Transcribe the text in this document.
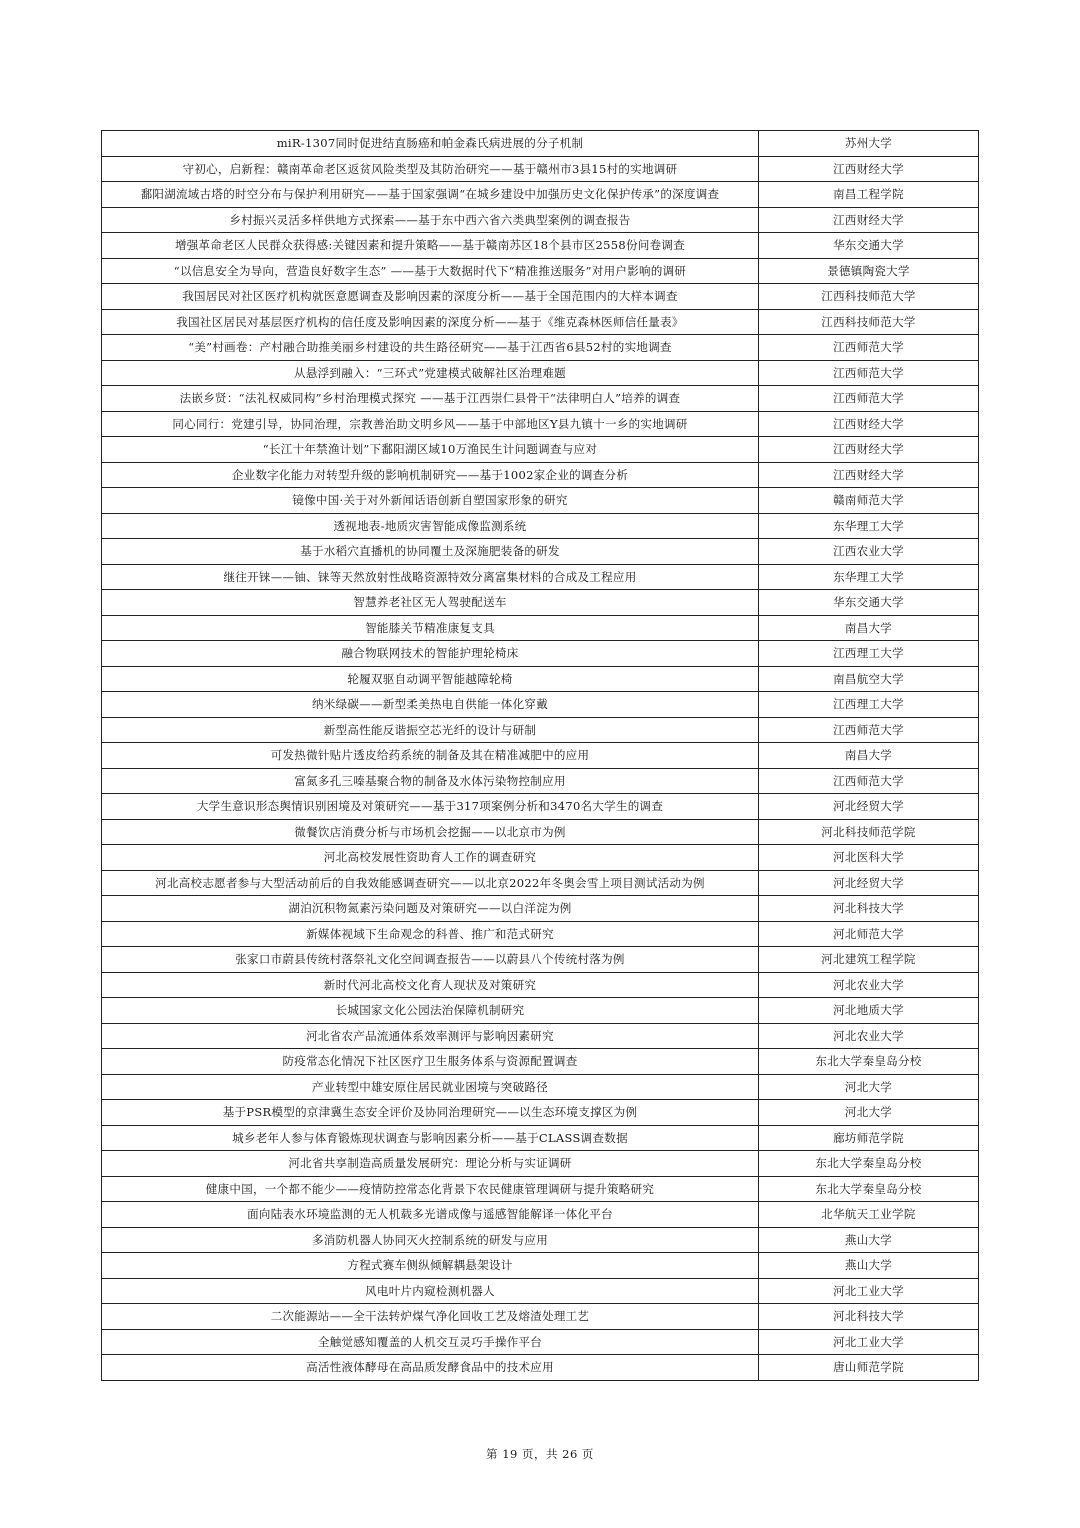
miR-1307同时促进结直肠癌和帕金森氏病进展的分子机制	苏州大学
守初心，启新程：赣南革命老区返贫风险类型及其防治研究——基于赣州市3县15村的实地调研	江西财经大学
鄱阳湖流域古塔的时空分布与保护利用研究——基于国家强调“在城乡建设中加强历史文化保护传承”的深度调查	南昌工程学院
乡村振兴灵活多样供地方式探索——基于东中西六省六类典型案例的调查报告	江西财经大学
增强革命老区人民群众获得感:关键因素和提升策略——基于赣南苏区18个县市区2558份问卷调查	华东交通大学
“以信息安全为导向，营造良好数字生态” ——基于大数据时代下“精准推送服务”对用户影响的调研	景德镇陶瓷大学
我国居民对社区医疗机构就医意愿调查及影响因素的深度分析——基于全国范围内的大样本调查	江西科技师范大学
我国社区居民对基层医疗机构的信任度及影响因素的深度分析——基于《维克森林医师信任量表》	江西科技师范大学
“美”村画卷：产村融合助推美丽乡村建设的共生路径研究——基于江西省6县52村的实地调查	江西师范大学
从悬浮到融入：“三环式”党建模式破解社区治理难题	江西师范大学
法嵌乡贤：“法礼权威同构”乡村治理模式探究 ——基于江西崇仁县骨干“法律明白人”培养的调查	江西师范大学
同心同行：党建引导，协同治理，宗教善治助文明乡风——基于中部地区Y县九镇十一乡的实地调研	江西财经大学
“长江十年禁渔计划”下鄱阳湖区域10万渔民生计问题调查与应对	江西财经大学
企业数字化能力对转型升级的影响机制研究——基于1002家企业的调查分析	江西财经大学
镜像中国·关于对外新闻话语创新自塑国家形象的研究	赣南师范大学
透视地表-地质灾害智能成像监测系统	东华理工大学
基于水稻穴直播机的协同覆土及深施肥装备的研发	江西农业大学
继往开铼——铀、铼等天然放射性战略资源特效分离富集材料的合成及工程应用	东华理工大学
智慧养老社区无人驾驶配送车	华东交通大学
智能膝关节精准康复支具	南昌大学
融合物联网技术的智能护理轮椅床	江西理工大学
轮履双驱自动调平智能越障轮椅	南昌航空大学
纳米绿碳——新型柔美热电自供能一体化穿戴	江西理工大学
新型高性能反谐振空芯光纤的设计与研制	江西师范大学
可发热微针贴片透皮给药系统的制备及其在精准减肥中的应用	南昌大学
富氮多孔三嗪基聚合物的制备及水体污染物控制应用	江西师范大学
大学生意识形态舆情识别困境及对策研究——基于317项案例分析和3470名大学生的调查	河北经贸大学
微餐饮店消费分析与市场机会挖掘——以北京市为例	河北科技师范学院
河北高校发展性资助育人工作的调查研究	河北医科大学
河北高校志愿者参与大型活动前后的自我效能感调查研究——以北京2022年冬奥会雪上项目测试活动为例	河北经贸大学
湖泊沉积物氮素污染问题及对策研究——以白洋淀为例	河北科技大学
新媒体视域下生命观念的科普、推广和范式研究	河北师范大学
张家口市蔚县传统村落祭礼文化空间调查报告——以蔚县八个传统村落为例	河北建筑工程学院
新时代河北高校文化育人现状及对策研究	河北农业大学
长城国家文化公园法治保障机制研究	河北地质大学
河北省农产品流通体系效率测评与影响因素研究	河北农业大学
防疫常态化情况下社区医疗卫生服务体系与资源配置调查	东北大学秦皇岛分校
产业转型中雄安原住居民就业困境与突破路径	河北大学
基于PSR模型的京津冀生态安全评价及协同治理研究——以生态环境支撑区为例	河北大学
城乡老年人参与体育锻炼现状调查与影响因素分析——基于CLASS调查数据	廊坊师范学院
河北省共享制造高质量发展研究：理论分析与实证调研	东北大学秦皇岛分校
健康中国，一个都不能少——疫情防控常态化背景下农民健康管理调研与提升策略研究	东北大学秦皇岛分校
面向陆表水环境监测的无人机载多光谱成像与遥感智能解译一体化平台	北华航天工业学院
多消防机器人协同灭火控制系统的研发与应用	燕山大学
方程式赛车侧纵倾解耦悬架设计	燕山大学
风电叶片内窥检测机器人	河北工业大学
二次能源站——全干法转炉煤气净化回收工艺及熔渣处理工艺	河北科技大学
全触觉感知覆盖的人机交互灵巧手操作平台	河北工业大学
高活性液体酵母在高品质发酵食品中的技术应用	唐山师范学院
第 19 页，共 26 页
